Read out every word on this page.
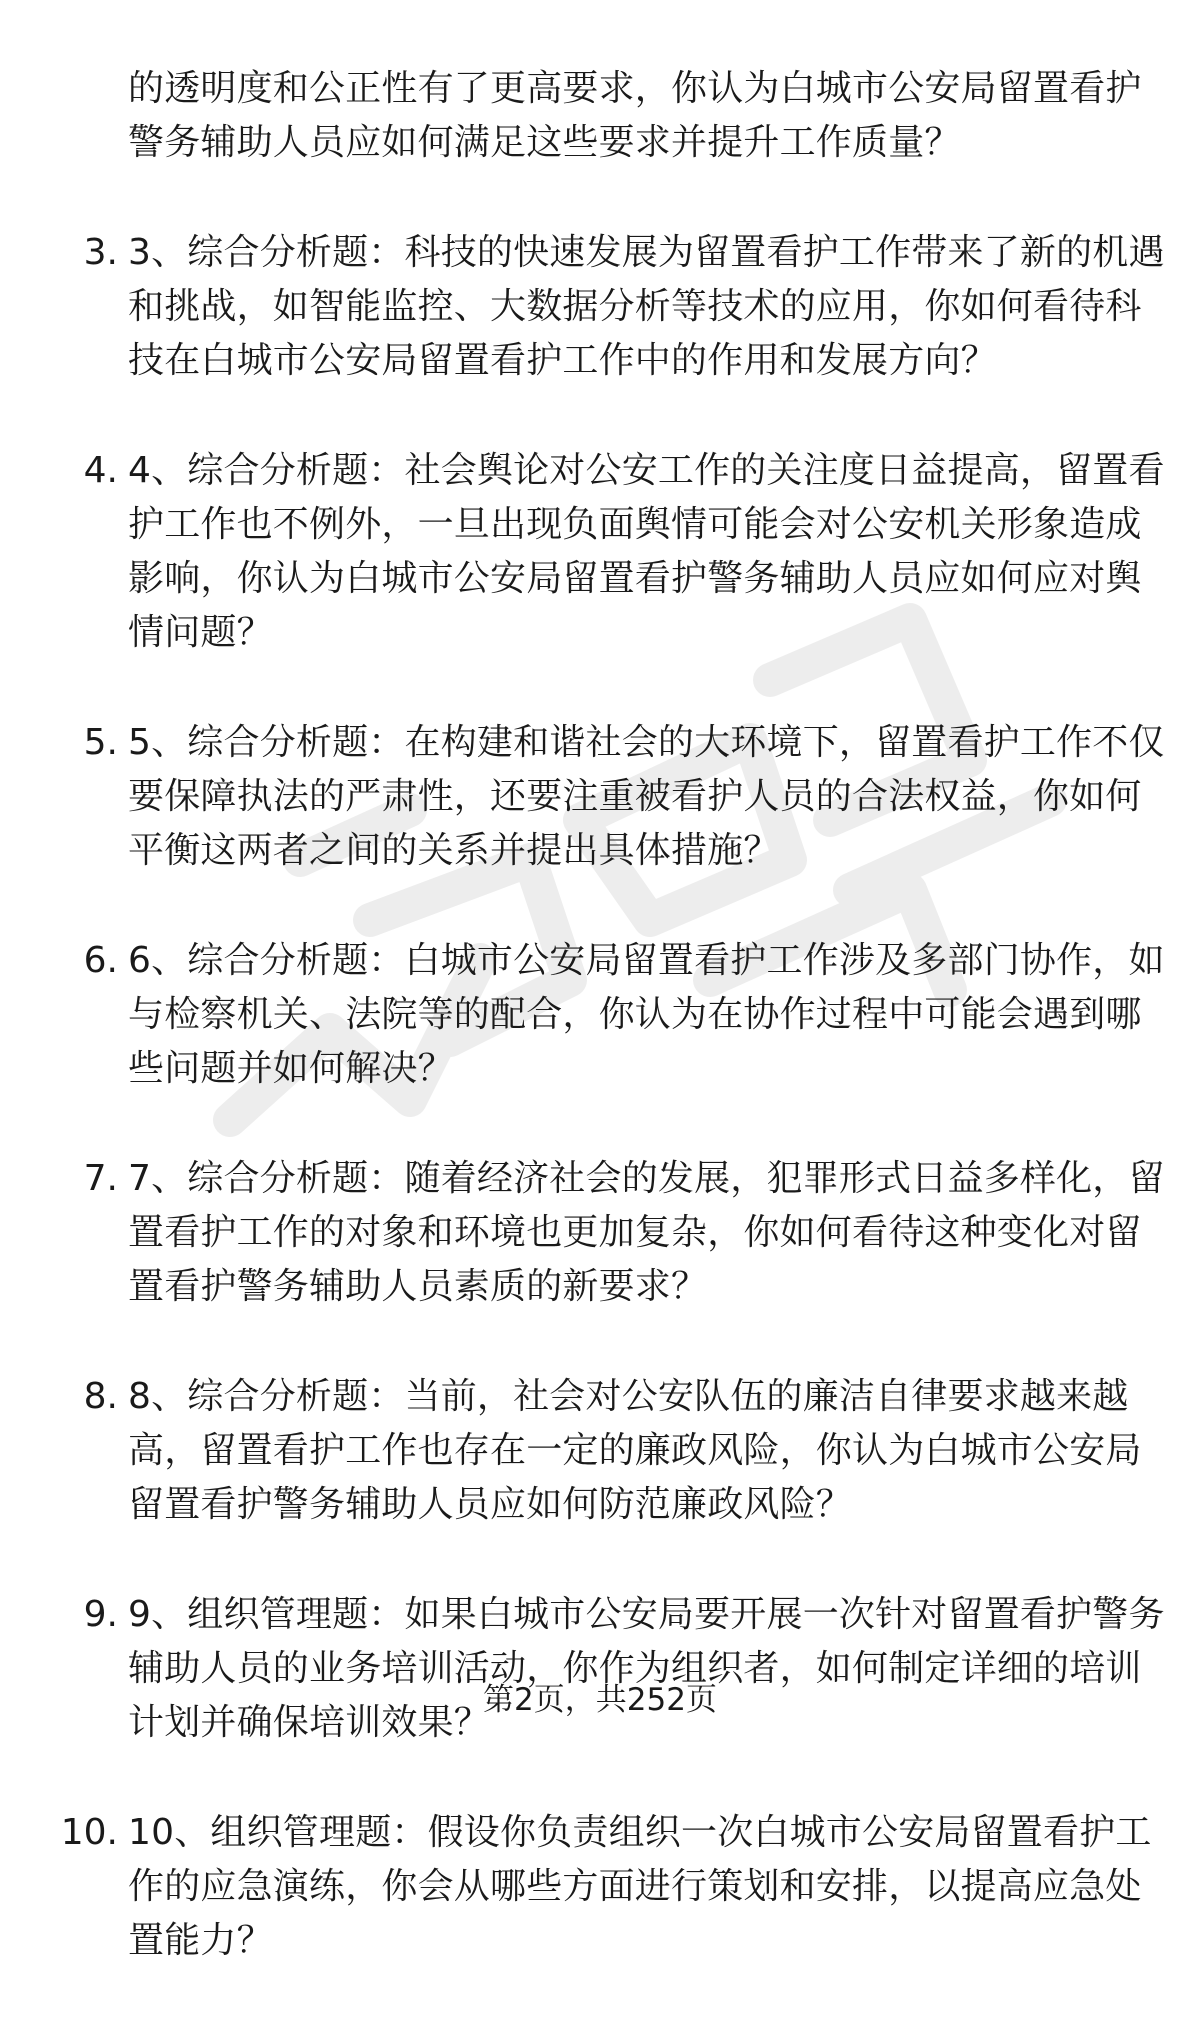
的透明度和公正性有了更高要求，你认为白城市公安局留置看护
警务辅助人员应如何满足这些要求并提升工作质量？
3. 3、综合分析题：科技的快速发展为留置看护工作带来了新的机遇
和挑战，如智能监控、大数据分析等技术的应用，你如何看待科
技在白城市公安局留置看护工作中的作用和发展方向？
4. 4、综合分析题：社会舆论对公安工作的关注度日益提高，留置看
护工作也不例外，一旦出现负面舆情可能会对公安机关形象造成
影响，你认为白城市公安局留置看护警务辅助人员应如何应对舆
情问题？
5. 5、综合分析题：在构建和谐社会的大环境下，留置看护工作不仅
要保障执法的严肃性，还要注重被看护人员的合法权益，你如何
平衡这两者之间的关系并提出具体措施？
6. 6、综合分析题：白城市公安局留置看护工作涉及多部门协作，如
与检察机关、法院等的配合，你认为在协作过程中可能会遇到哪
些问题并如何解决？
7. 7、综合分析题：随着经济社会的发展，犯罪形式日益多样化，留
置看护工作的对象和环境也更加复杂，你如何看待这种变化对留
置看护警务辅助人员素质的新要求？
8. 8、综合分析题：当前，社会对公安队伍的廉洁自律要求越来越
高，留置看护工作也存在一定的廉政风险，你认为白城市公安局
留置看护警务辅助人员应如何防范廉政风险？
9. 9、组织管理题：如果白城市公安局要开展一次针对留置看护警务
辅助人员的业务培训活动，你作为组织者，如何制定详细的培训
计划并确保培训效果？
10. 10、组织管理题：假设你负责组织一次白城市公安局留置看护工
作的应急演练，你会从哪些方面进行策划和安排，以提高应急处
置能力？
第2页，共252页
